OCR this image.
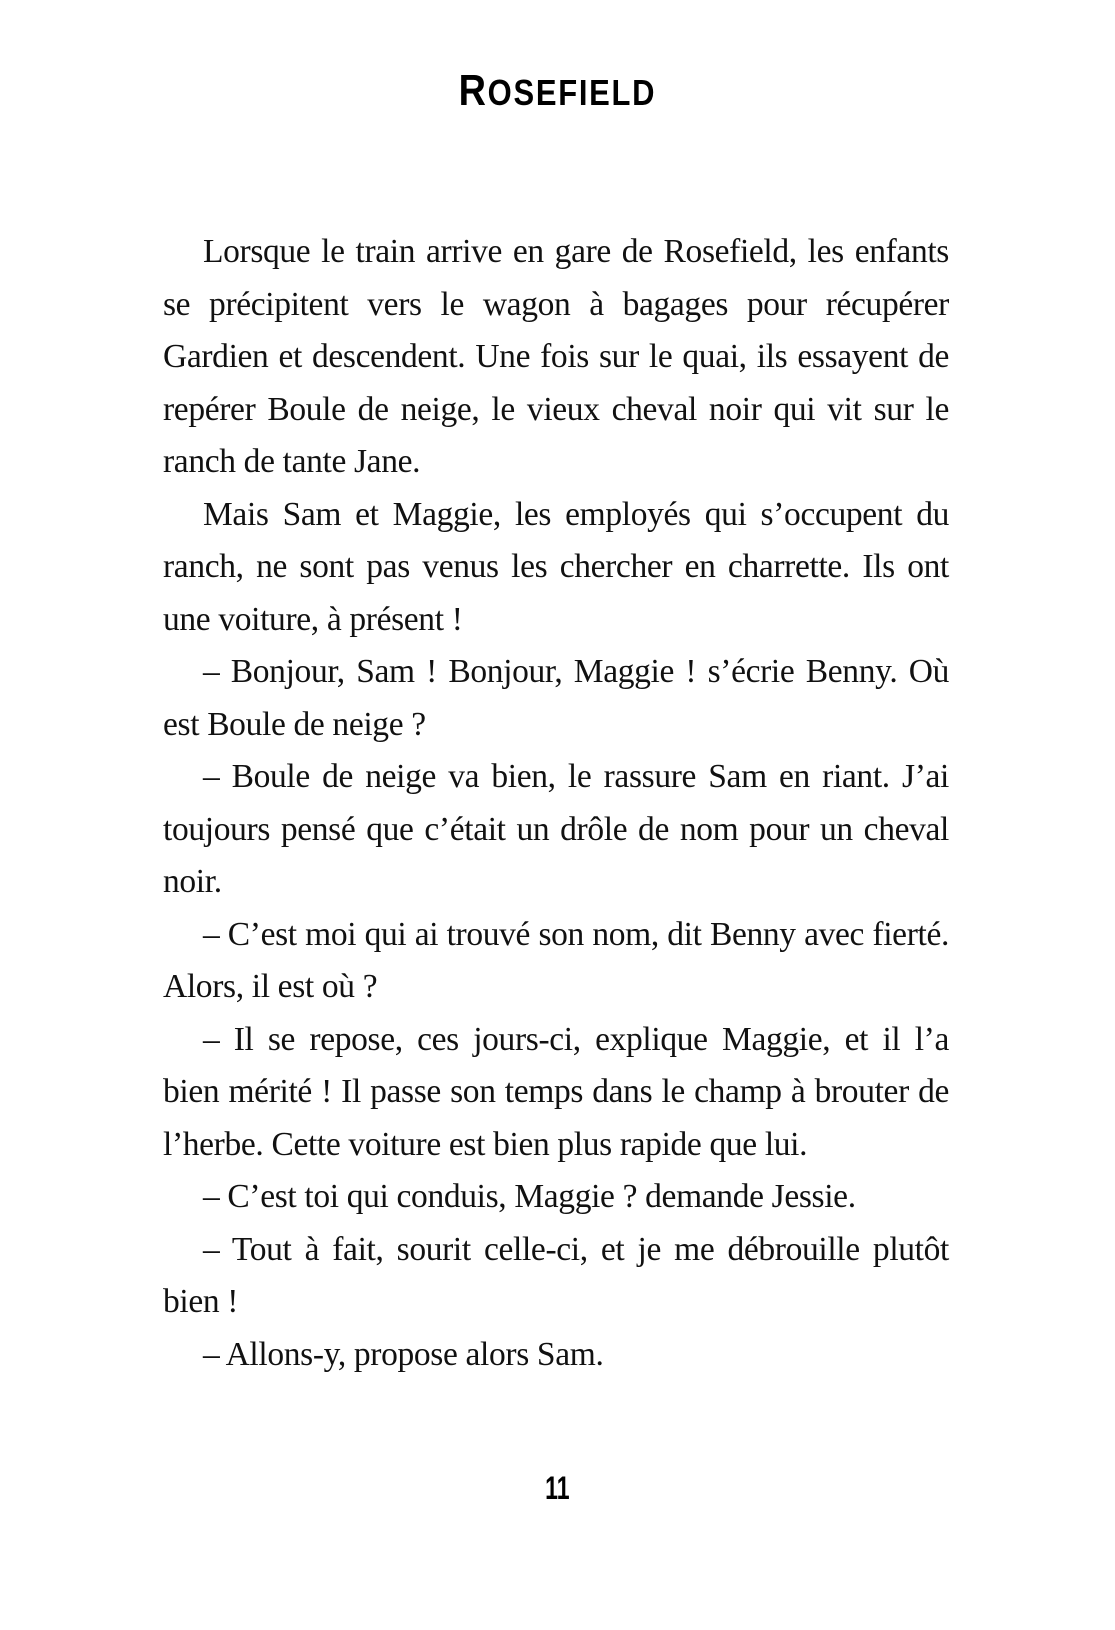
ROSEFIELD

Lorsque le train arrive en gare de Rosefield, les enfants se précipitent vers le wagon à bagages pour récupérer Gardien et descendent. Une fois sur le quai, ils essayent de repérer Boule de neige, le vieux cheval noir qui vit sur le ranch de tante Jane.

Mais Sam et Maggie, les employés qui s’occupent du ranch, ne sont pas venus les chercher en charrette. Ils ont une voiture, à présent !

– Bonjour, Sam ! Bonjour, Maggie ! s’écrie Benny. Où est Boule de neige ?

– Boule de neige va bien, le rassure Sam en riant. J’ai toujours pensé que c’était un drôle de nom pour un cheval noir.

– C’est moi qui ai trouvé son nom, dit Benny avec fierté. Alors, il est où ?

– Il se repose, ces jours-ci, explique Maggie, et il l’a bien mérité ! Il passe son temps dans le champ à brouter de l’herbe. Cette voiture est bien plus rapide que lui.

– C’est toi qui conduis, Maggie ? demande Jessie.

– Tout à fait, sourit celle-ci, et je me débrouille plutôt bien !

– Allons-y, propose alors Sam.

11
